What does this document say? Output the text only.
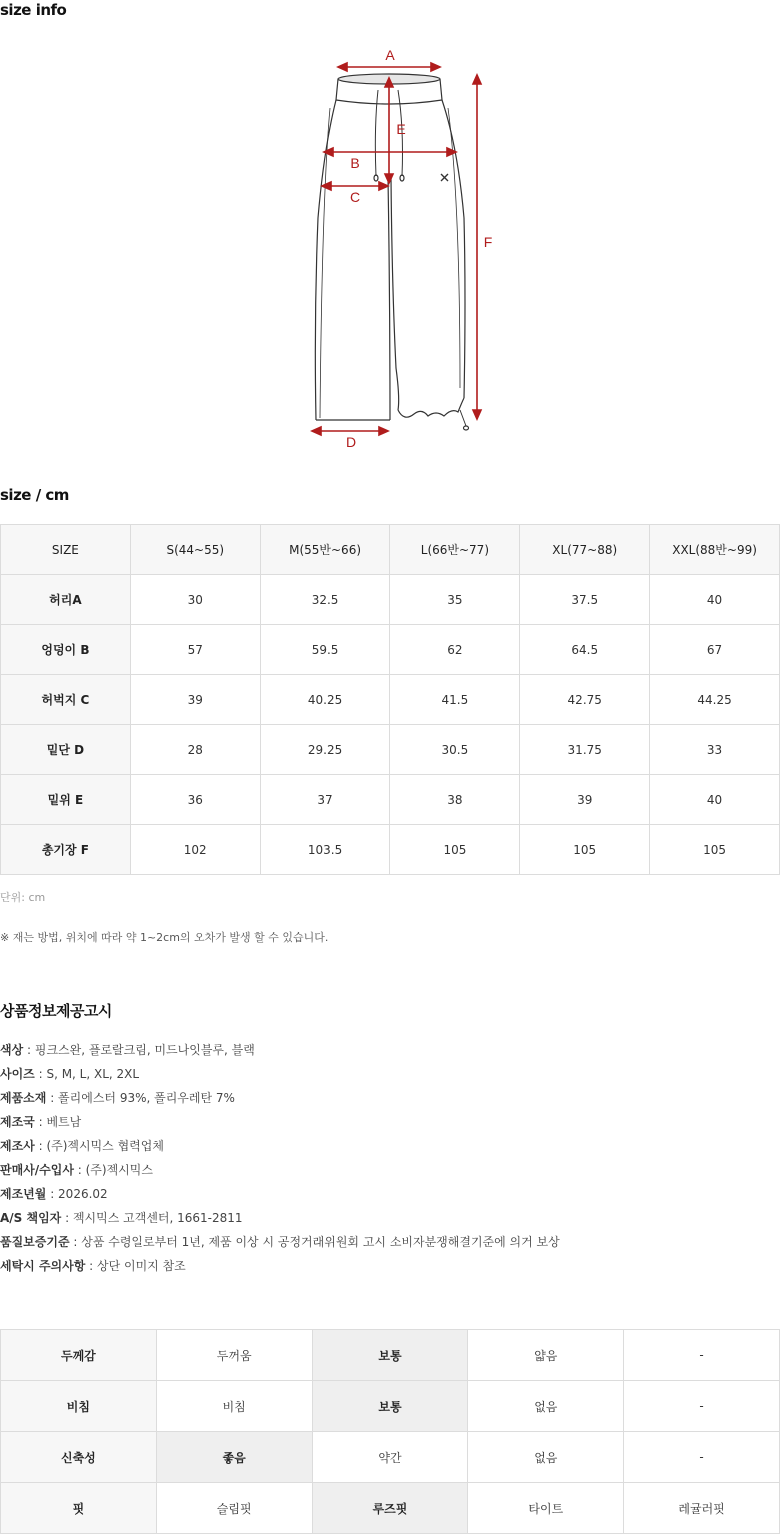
size info
A
B
C
D
E
F
size / cm
SIZE	S(44~55)	M(55반~66)	L(66반~77)	XL(77~88)	XXL(88반~99)
허리A	30	32.5	35	37.5	40
엉덩이 B	57	59.5	62	64.5	67
허벅지 C	39	40.25	41.5	42.75	44.25
밑단 D	28	29.25	30.5	31.75	33
밑위 E	36	37	38	39	40
총기장 F	102	103.5	105	105	105
단위: cm
※ 재는 방법, 위치에 따라 약 1~2cm의 오차가 발생 할 수 있습니다.
상품정보제공고시
색상 : 핑크스완, 플로랄크림, 미드나잇블루, 블랙
사이즈 : S, M, L, XL, 2XL
제품소재 : 폴리에스터 93%, 폴리우레탄 7%
제조국 : 베트남
제조사 : (주)젝시믹스 협력업체
판매사/수입사 : (주)젝시믹스
제조년월 : 2026.02
A/S 책임자 : 젝시믹스 고객센터, 1661-2811
품질보증기준 : 상품 수령일로부터 1년, 제품 이상 시 공정거래위원회 고시 소비자분쟁해결기준에 의거 보상
세탁시 주의사항 : 상단 이미지 참조
두께감	두꺼움	보통	얇음	-
비침	비침	보통	없음	-
신축성	좋음	약간	없음	-
핏	슬림핏	루즈핏	타이트	레귤러핏
